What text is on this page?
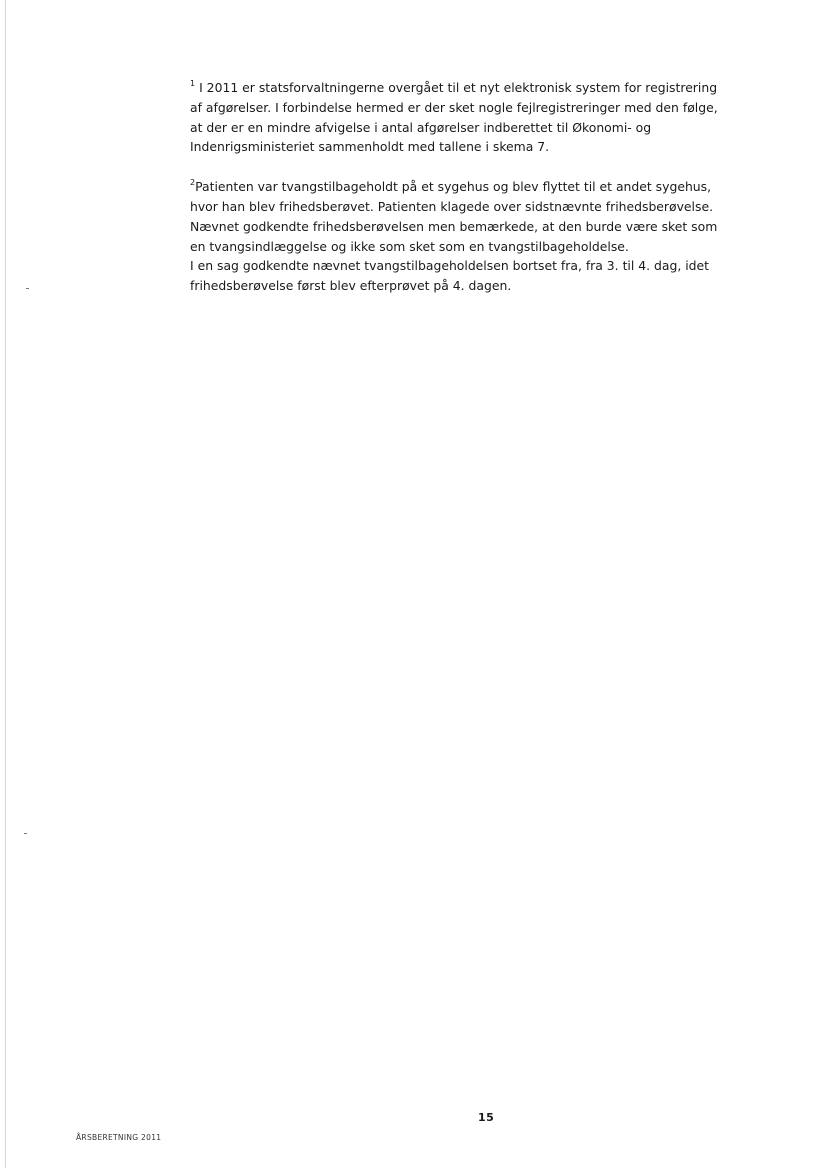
$^1$ I 2011 er statsforvaltningerne overgået til et nyt elektronisk system for registrering
af afgørelser. I forbindelse hermed er der sket nogle fejlregistreringer med den følge,
at der er en mindre afvigelse i antal afgørelser indberettet til Økonomi- og
Indenrigsministeriet sammenholdt med tallene i skema 7.

$^2$Patienten var tvangstilbageholdt på et sygehus og blev flyttet til et andet sygehus,
hvor han blev frihedsberøvet. Patienten klagede over sidstnævnte frihedsberøvelse.
Nævnet godkendte frihedsberøvelsen men bemærkede, at den burde være sket som
en tvangsindlæggelse og ikke som sket som en tvangstilbageholdelse.
I en sag godkendte nævnet tvangstilbageholdelsen bortset fra, fra 3. til 4. dag, idet
frihedsberøvelse først blev efterprøvet på 4. dagen.

15
ÅRSBERETNING 2011
